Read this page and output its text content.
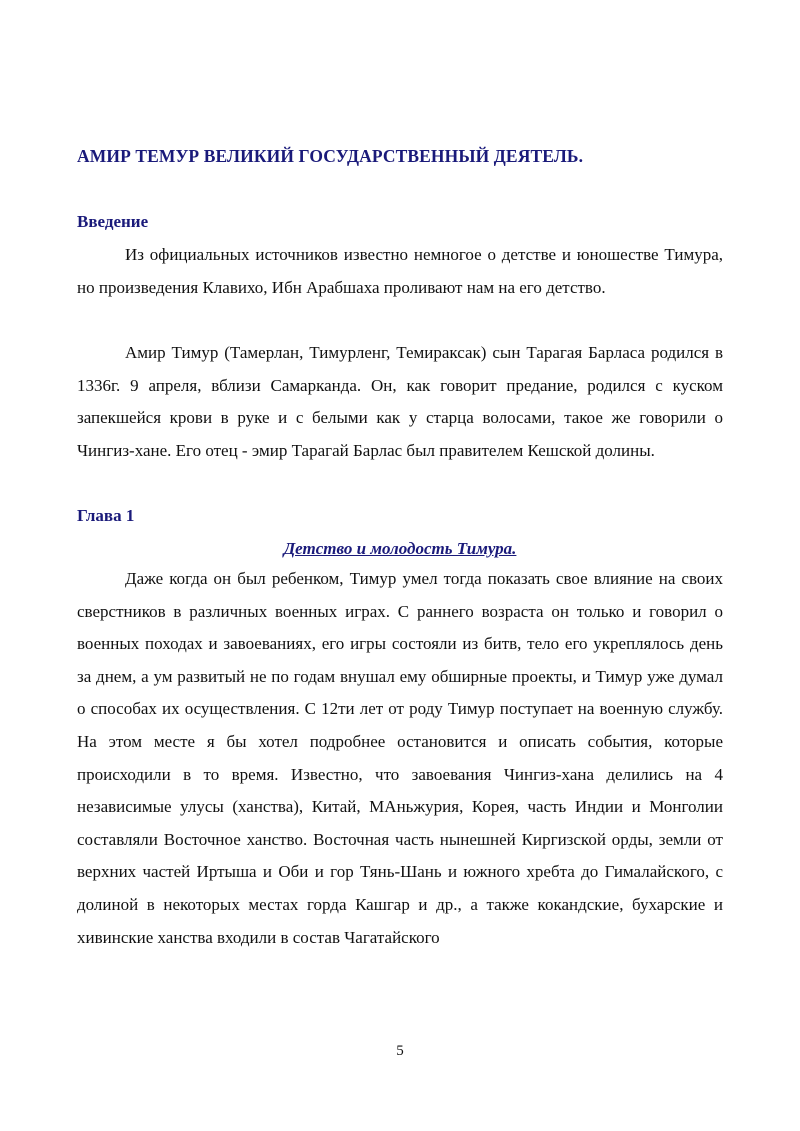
АМИР ТЕМУР ВЕЛИКИЙ ГОСУДАРСТВЕННЫЙ ДЕЯТЕЛЬ.
Введение

Из официальных источников известно немногое о детстве и юношестве Тимура, но произведения Клавихо, Ибн Арабшаха проливают нам на его детство.

Амир Тимур (Тамерлан, Тимурленг, Темираксак) сын Тарагая Барласа родился в 1336г. 9 апреля, вблизи Самарканда. Он, как говорит предание, родился с куском запекшейся крови в руке и с белыми как у старца волосами, такое же говорили о Чингиз-хане. Его отец - эмир Тарагай Барлас был правителем Кешской долины.

Глава 1
Детство и молодость Тимура.

Даже когда он был ребенком, Тимур умел тогда показать свое влияние на своих сверстников в различных военных играх. С раннего возраста он только и говорил о военных походах и завоеваниях, его игры состояли из битв, тело его укреплялось день за днем, а ум развитый не по годам внушал ему обширные проекты, и Тимур уже думал о способах их осуществления. С 12ти лет от роду Тимур поступает на военную службу. На этом месте я бы хотел подробнее остановится и описать события, которые происходили в то время. Известно, что завоевания Чингиз-хана делились на 4 независимые улусы (ханства), Китай, МАньжурия, Корея, часть Индии и Монголии составляли Восточное ханство. Восточная часть нынешней Киргизской орды, земли от верхних частей Иртыша и Оби и гор Тянь-Шань и южного хребта до Гималайского, с долиной в некоторых местах горда Кашгар и др., а также кокандские, бухарские и хивинские ханства входили в состав Чагатайского

5
